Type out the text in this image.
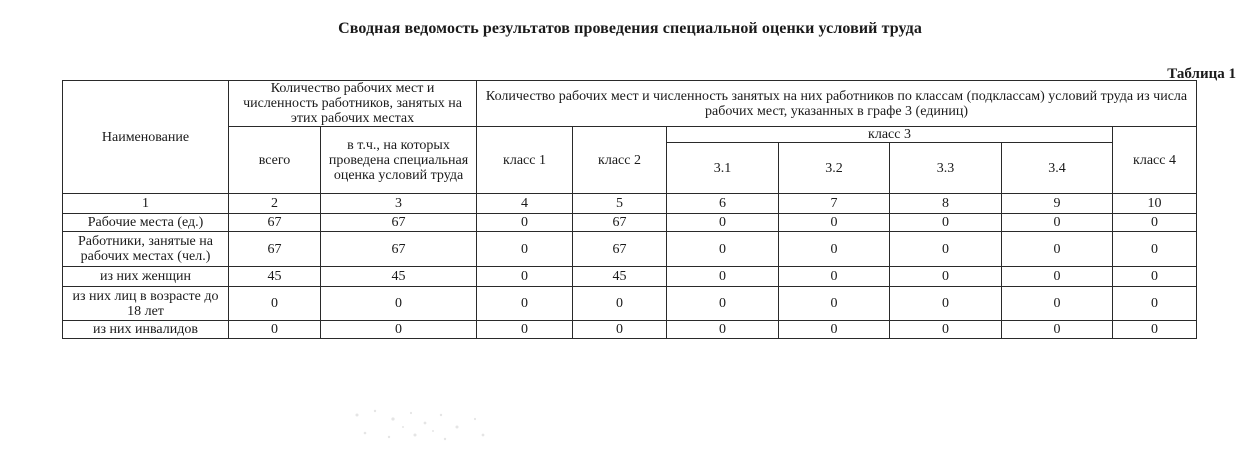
Сводная ведомость результатов проведения специальной оценки условий труда
Таблица 1
Наименование	Количество рабочих мест и численность работников, занятых на этих рабочих местах		Количество рабочих мест и численность занятых на них работников по классам (подклассам) условий труда из числа рабочих мест, указанных в графе 3 (единиц)						
	всего	в т.ч., на которых проведена специальная оценка условий труда	класс 1	класс 2	класс 3				класс 4
					3.1	3.2	3.3	3.4	
1	2	3	4	5	6	7	8	9	10
Рабочие места (ед.)	67	67	0	67	0	0	0	0	0
Работники, занятые на рабочих местах (чел.)	67	67	0	67	0	0	0	0	0
из них женщин	45	45	0	45	0	0	0	0	0
из них лиц в возрасте до 18 лет	0	0	0	0	0	0	0	0	0
из них инвалидов	0	0	0	0	0	0	0	0	0
